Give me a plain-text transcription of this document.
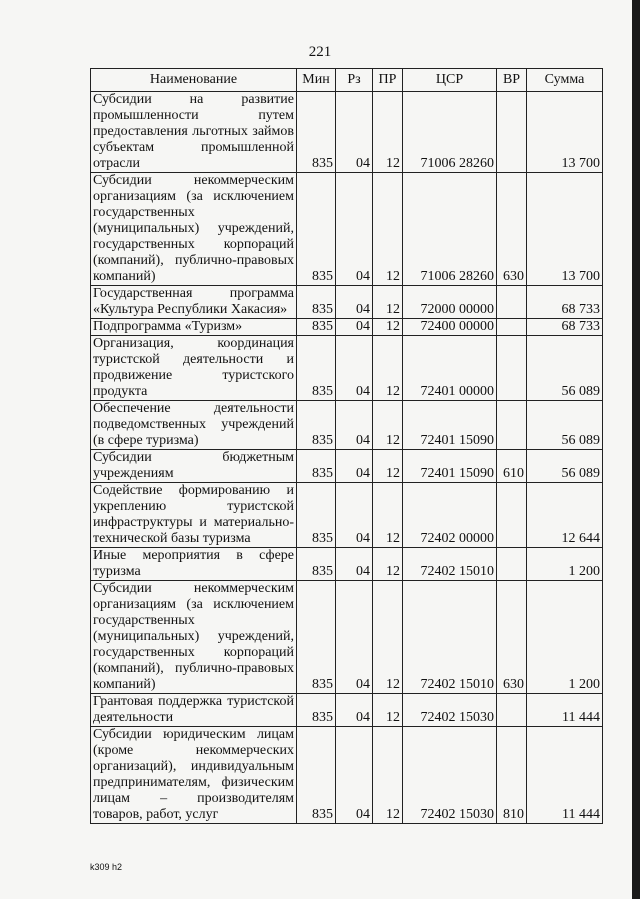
221
Наименование	Мин	Рз	ПР	ЦСР	ВР	Сумма
Субсидии на развитие промышленности путем предоставления льготных займов субъектам промышленной отрасли	835	04	12	71006 28260		13 700
Субсидии некоммерческим организациям (за исключением государственных (муниципальных) учреждений, государственных корпораций (компаний), публично-правовых компаний)	835	04	12	71006 28260	630	13 700
Государственная программа «Культура Республики Хакасия»	835	04	12	72000 00000		68 733
Подпрограмма «Туризм»	835	04	12	72400 00000		68 733
Организация, координация туристской деятельности и продвижение туристского продукта	835	04	12	72401 00000		56 089
Обеспечение деятельности подведомственных учреждений (в сфере туризма)	835	04	12	72401 15090		56 089
Субсидии бюджетным учреждениям	835	04	12	72401 15090	610	56 089
Содействие формированию и укреплению туристской инфраструктуры и материально-технической базы туризма	835	04	12	72402 00000		12 644
Иные мероприятия в сфере туризма	835	04	12	72402 15010		1 200
Субсидии некоммерческим организациям (за исключением государственных (муниципальных) учреждений, государственных корпораций (компаний), публично-правовых компаний)	835	04	12	72402 15010	630	1 200
Грантовая поддержка туристской деятельности	835	04	12	72402 15030		11 444
Субсидии юридическим лицам (кроме некоммерческих организаций), индивидуальным предпринимателям, физическим лицам – производителям товаров, работ, услуг	835	04	12	72402 15030	810	11 444
k309 h2
